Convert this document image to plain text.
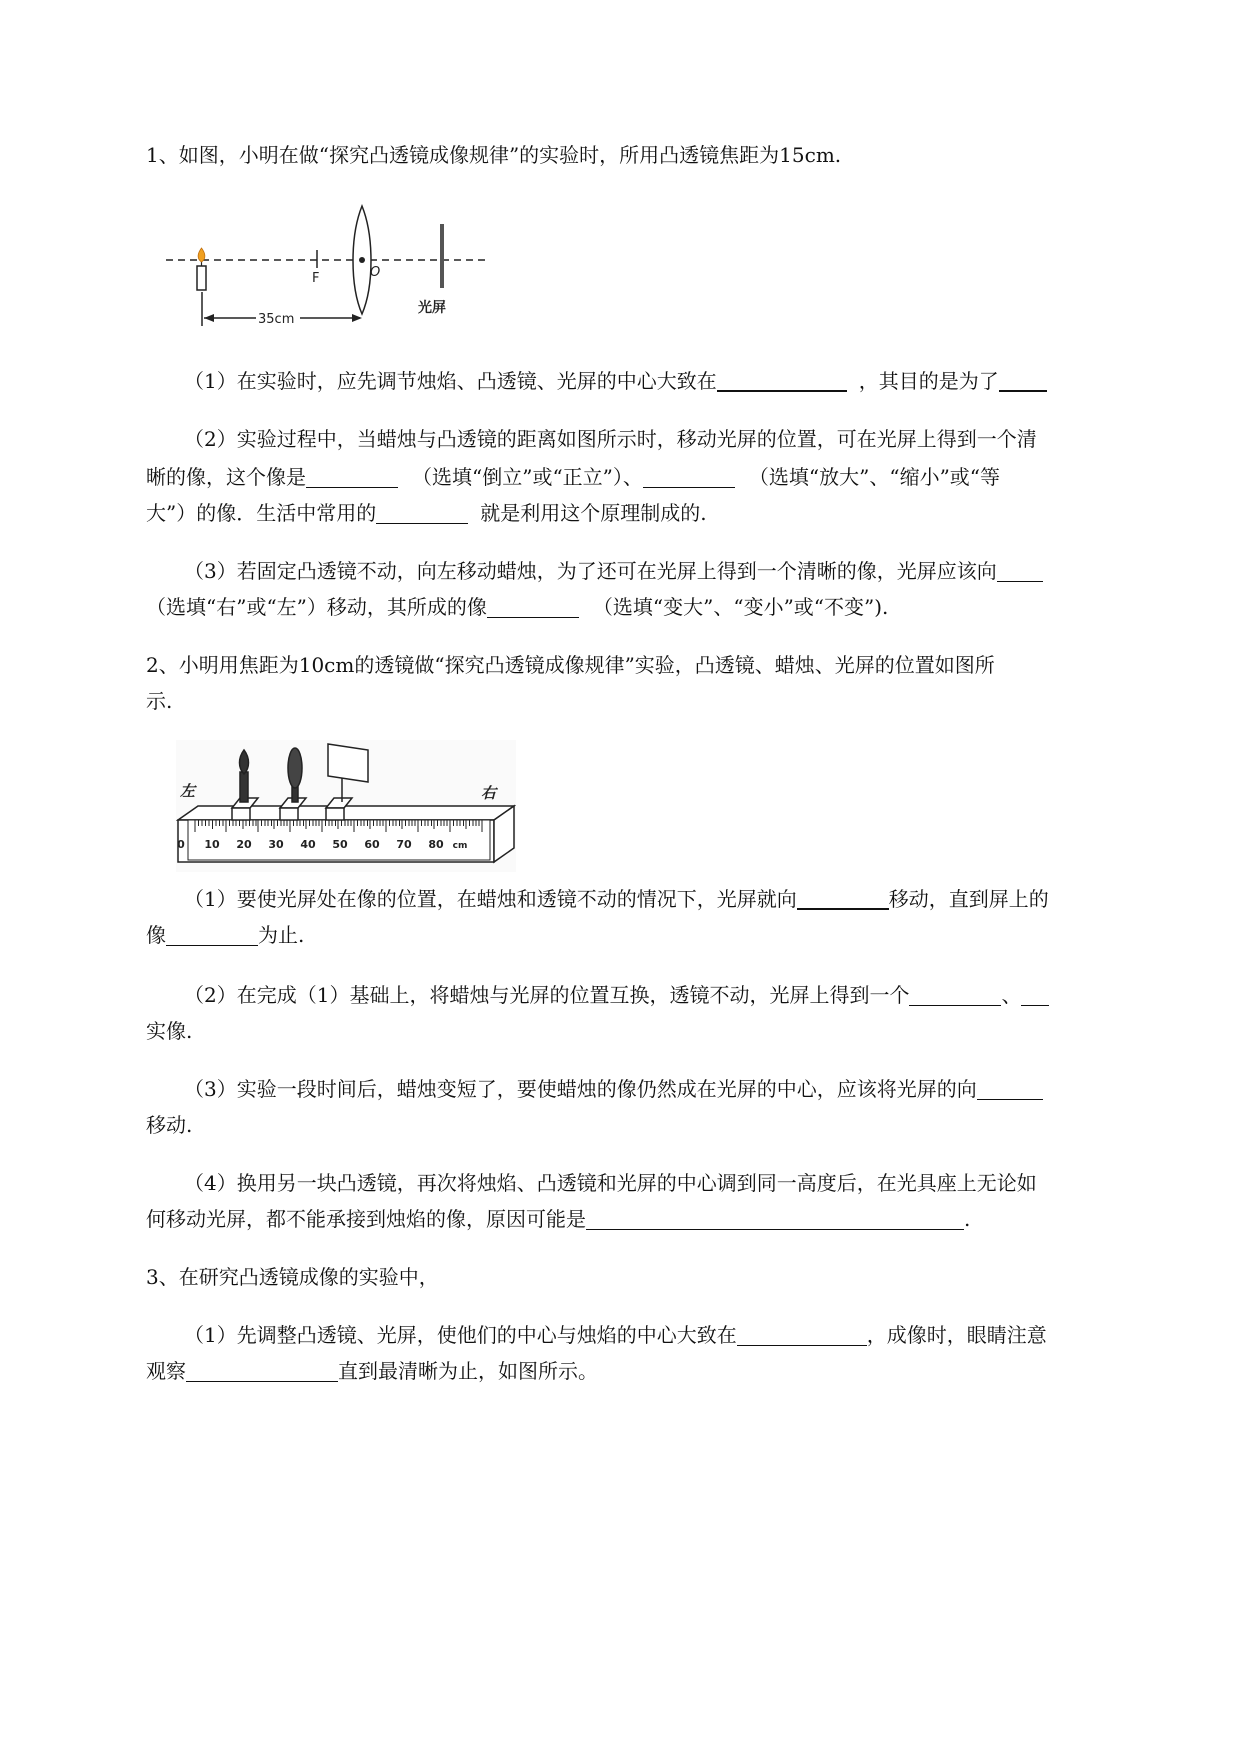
1、如图，小明在做“探究凸透镜成像规律”的实验时，所用凸透镜焦距为15cm.
F	O
光屏
35cm
（1）在实验时，应先调节烛焰、凸透镜、光屏的中心大致在	，其目的是为了
（2）实验过程中，当蜡烛与凸透镜的距离如图所示时，移动光屏的位置，可在光屏上得到一个清
晰的像，这个像是	（选填“倒立”或“正立”）、	（选填“放大”、“缩小”或“等
大”）的像．生活中常用的	就是利用这个原理制成的.
（3）若固定凸透镜不动，向左移动蜡烛，为了还可在光屏上得到一个清晰的像，光屏应该向
（选填“右”或“左”）移动，其所成的像	（选填“变大”、“变小”或“不变”).
2、小明用焦距为10cm的透镜做“探究凸透镜成像规律”实验，凸透镜、蜡烛、光屏的位置如图所
示.
左	右
0 10 20 30 40 50 60 70 80 cm
（1）要使光屏处在像的位置，在蜡烛和透镜不动的情况下，光屏就向	移动，直到屏上的
像	为止.
（2）在完成（1）基础上，将蜡烛与光屏的位置互换，透镜不动，光屏上得到一个	、
实像.
（3）实验一段时间后，蜡烛变短了，要使蜡烛的像仍然成在光屏的中心，应该将光屏的向
移动.
（4）换用另一块凸透镜，再次将烛焰、凸透镜和光屏的中心调到同一高度后，在光具座上无论如
何移动光屏，都不能承接到烛焰的像，原因可能是	.
3、在研究凸透镜成像的实验中，
（1）先调整凸透镜、光屏，使他们的中心与烛焰的中心大致在	，成像时，眼睛注意
观察	直到最清晰为止，如图所示。
